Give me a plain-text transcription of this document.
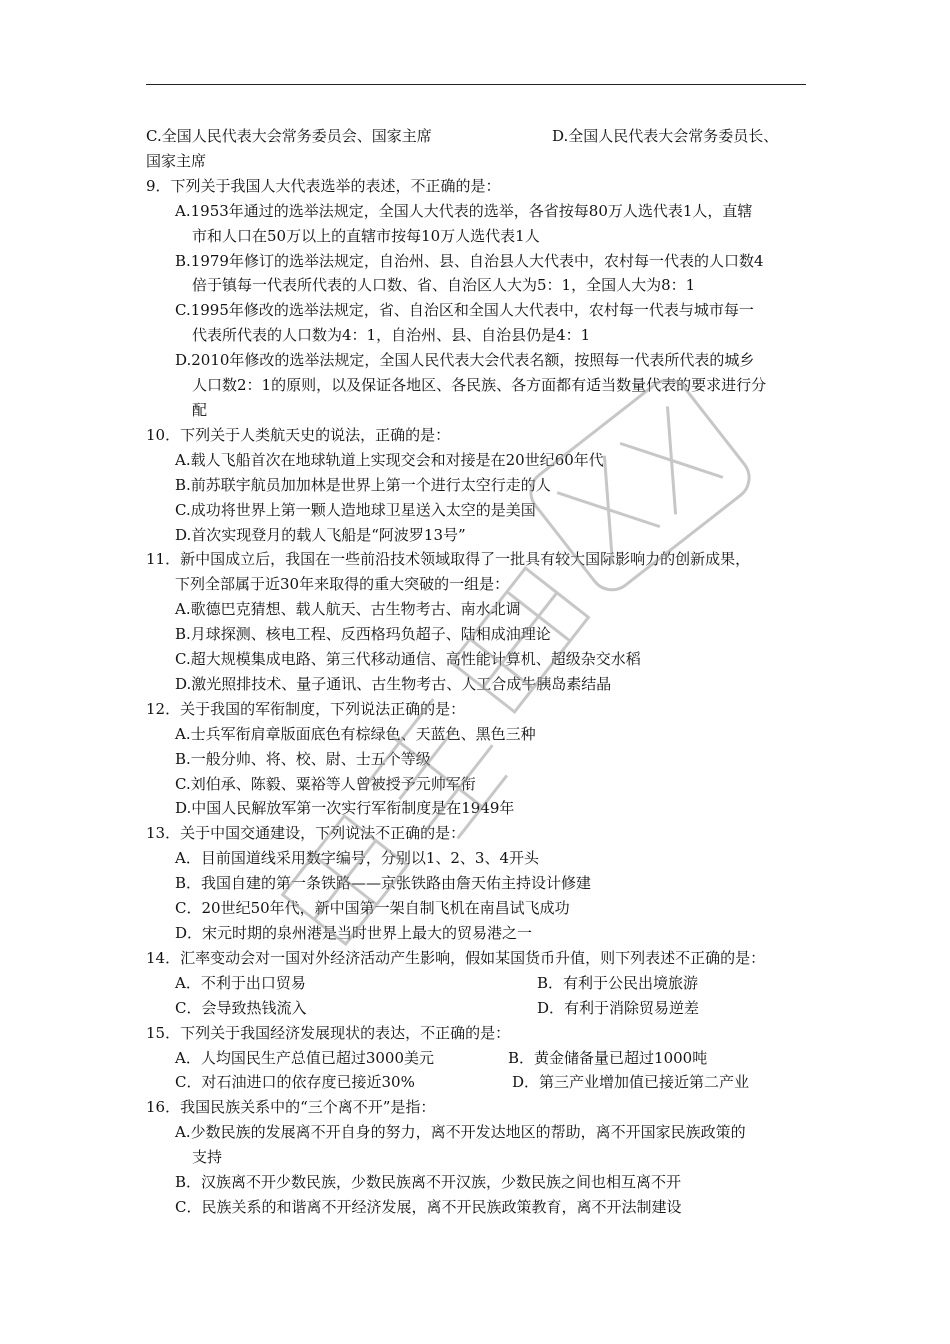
C.全国人民代表大会常务委员会、国家主席	D.全国人民代表大会常务委员长、
国家主席
9．下列关于我国人大代表选举的表述，不正确的是：
A.1953年通过的选举法规定，全国人大代表的选举，各省按每80万人选代表1人，直辖
市和人口在50万以上的直辖市按每10万人选代表1人
B.1979年修订的选举法规定，自治州、县、自治县人大代表中，农村每一代表的人口数4
倍于镇每一代表所代表的人口数、省、自治区人大为5：1，全国人大为8：1
C.1995年修改的选举法规定，省、自治区和全国人大代表中，农村每一代表与城市每一
代表所代表的人口数为4：1，自治州、县、自治县仍是4：1
D.2010年修改的选举法规定，全国人民代表大会代表名额，按照每一代表所代表的城乡
人口数2：1的原则，以及保证各地区、各民族、各方面都有适当数量代表的要求进行分
配
10．下列关于人类航天史的说法，正确的是：
A.载人飞船首次在地球轨道上实现交会和对接是在20世纪60年代
B.前苏联宇航员加加林是世界上第一个进行太空行走的人
C.成功将世界上第一颗人造地球卫星送入太空的是美国
D.首次实现登月的载人飞船是“阿波罗13号”
11．新中国成立后，我国在一些前沿技术领域取得了一批具有较大国际影响力的创新成果，
下列全部属于近30年来取得的重大突破的一组是：
A.歌德巴克猜想、载人航天、古生物考古、南水北调
B.月球探测、核电工程、反西格玛负超子、陆相成油理论
C.超大规模集成电路、第三代移动通信、高性能计算机、超级杂交水稻
D.激光照排技术、量子通讯、古生物考古、人工合成牛胰岛素结晶
12．关于我国的军衔制度，下列说法正确的是：
A.士兵军衔肩章版面底色有棕绿色、天蓝色、黑色三种
B.一般分帅、将、校、尉、士五个等级
C.刘伯承、陈毅、粟裕等人曾被授予元帅军衔
D.中国人民解放军第一次实行军衔制度是在1949年
13．关于中国交通建设，下列说法不正确的是：
A．目前国道线采用数字编号，分别以1、2、3、4开头
B．我国自建的第一条铁路——京张铁路由詹天佑主持设计修建
C．20世纪50年代，新中国第一架自制飞机在南昌试飞成功
D．宋元时期的泉州港是当时世界上最大的贸易港之一
14．汇率变动会对一国对外经济活动产生影响，假如某国货币升值，则下列表述不正确的是：
A．不利于出口贸易	B．有利于公民出境旅游
C．会导致热钱流入	D．有利于消除贸易逆差
15．下列关于我国经济发展现状的表达，不正确的是：
A．人均国民生产总值已超过3000美元	B．黄金储备量已超过1000吨
C．对石油进口的依存度已接近30%	D．第三产业增加值已接近第二产业
16．我国民族关系中的“三个离不开”是指：
A.少数民族的发展离不开自身的努力，离不开发达地区的帮助，离不开国家民族政策的
支持
B．汉族离不开少数民族，少数民族离不开汉族，少数民族之间也相互离不开
C．民族关系的和谐离不开经济发展，离不开民族政策教育，离不开法制建设
